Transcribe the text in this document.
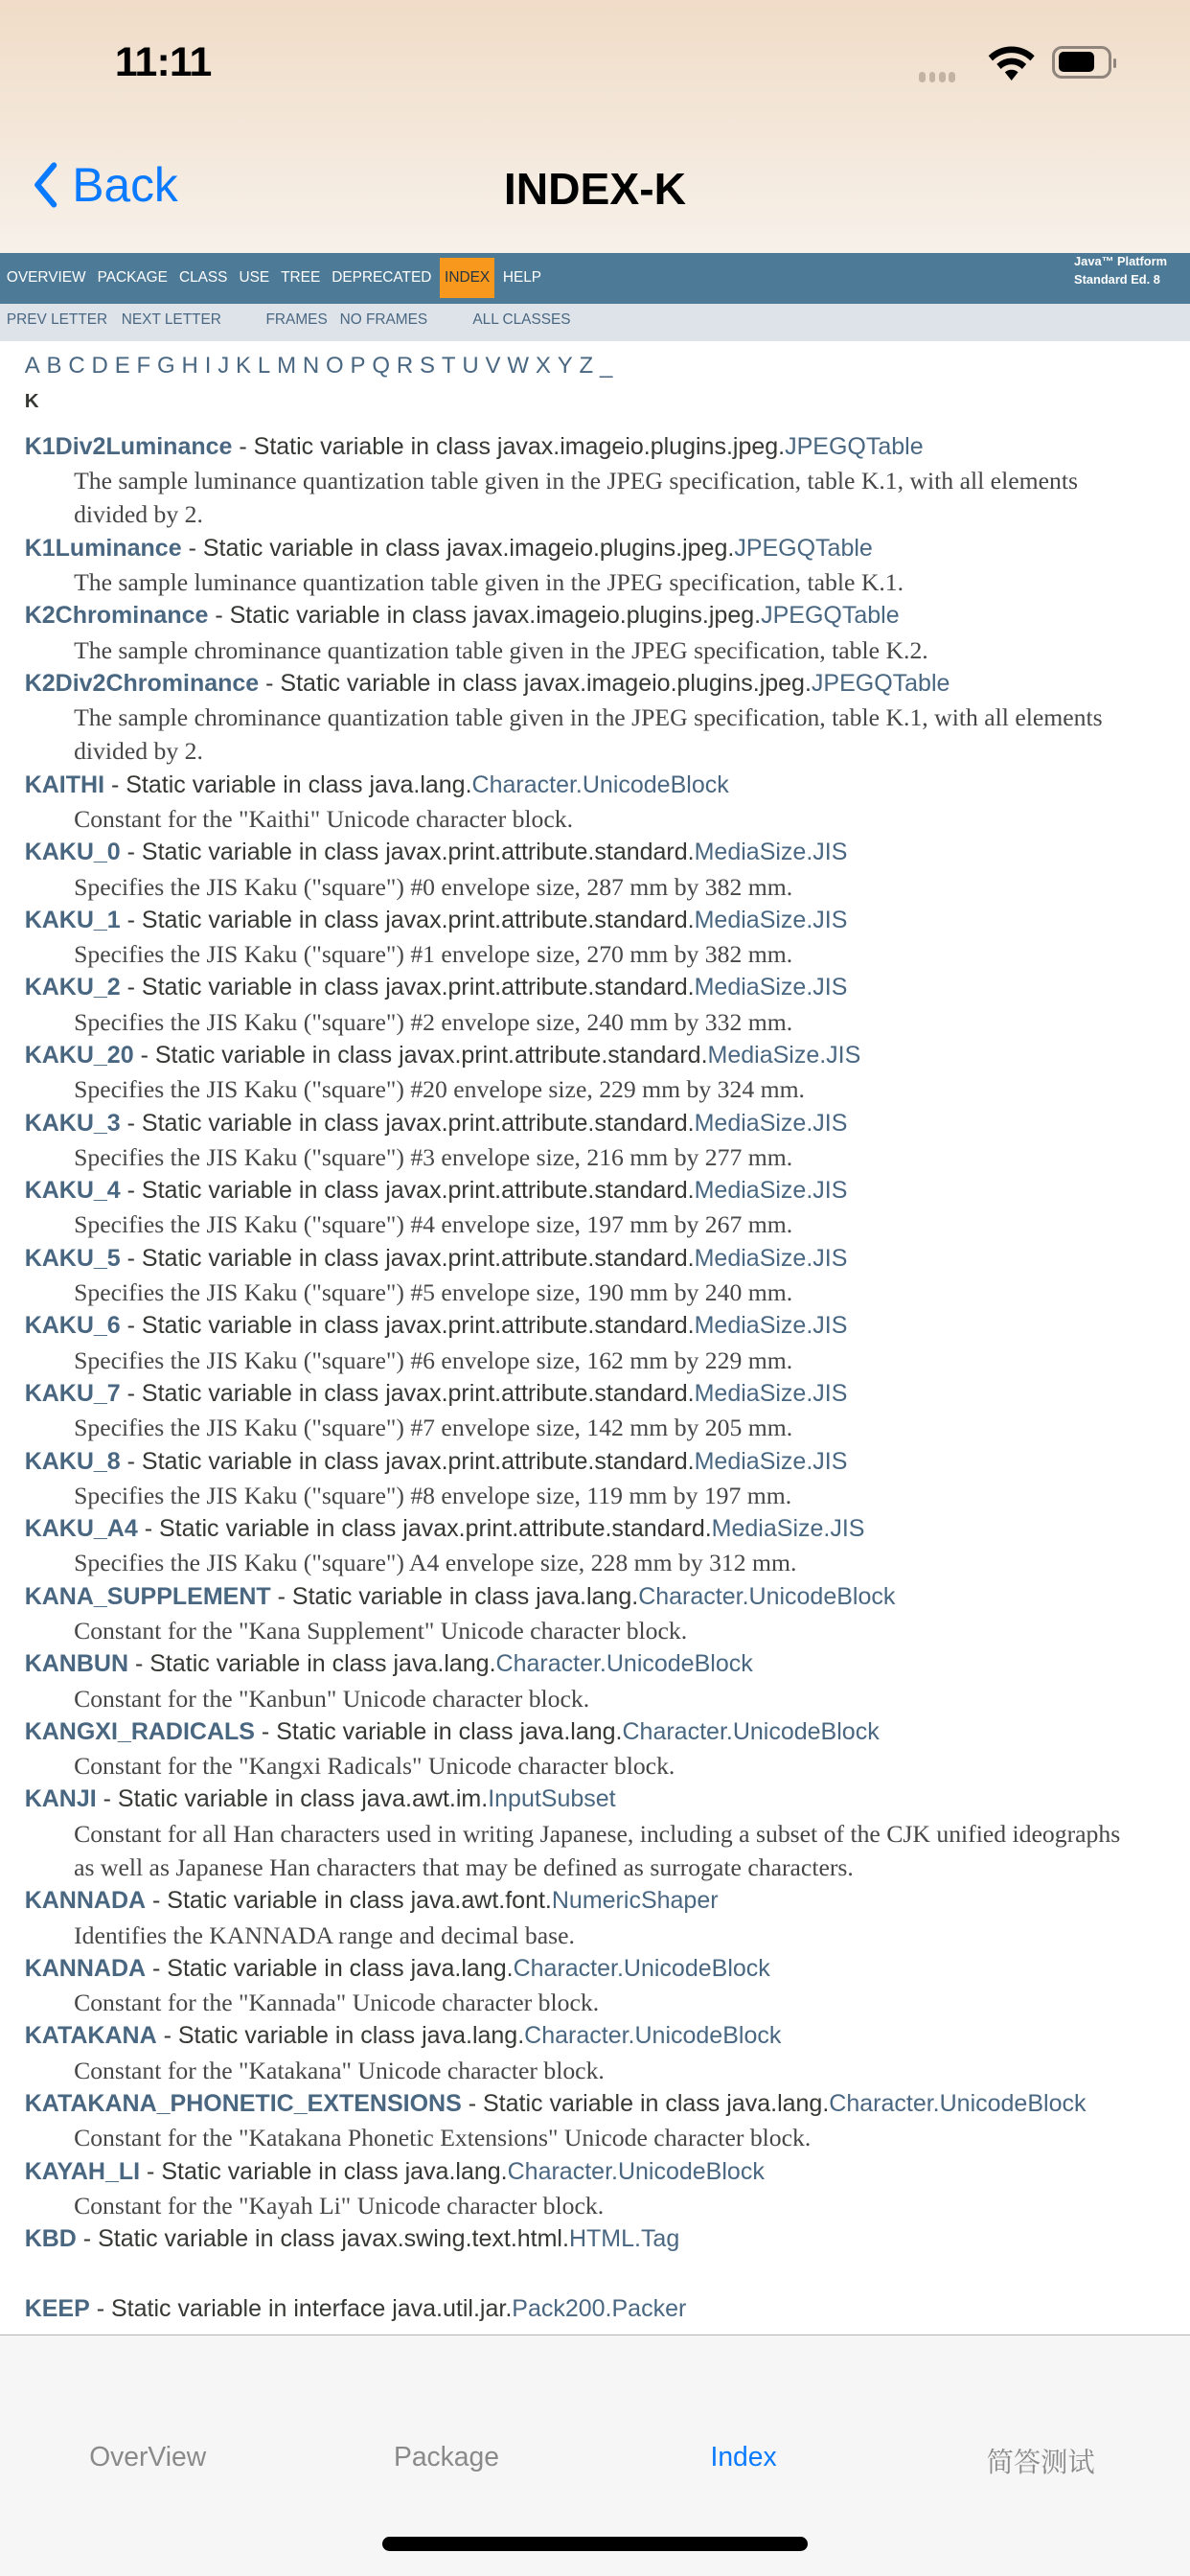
11:11
Back	INDEX-K
OVERVIEW PACKAGE CLASS USE TREE DEPRECATED	INDEX	HELP
Java™ Platform
Standard Ed. 8
PREV LETTER NEXT LETTER	FRAMES NO FRAMES	ALL CLASSES
A B C D E F G H I J K L M N O P Q R S T U V W X Y Z _
K
K1Div2Luminance - Static variable in class javax.imageio.plugins.jpeg.JPEGQTable
The sample luminance quantization table given in the JPEG specification, table K.1, with all elements divided by 2.
K1Luminance - Static variable in class javax.imageio.plugins.jpeg.JPEGQTable
The sample luminance quantization table given in the JPEG specification, table K.1.
K2Chrominance - Static variable in class javax.imageio.plugins.jpeg.JPEGQTable
The sample chrominance quantization table given in the JPEG specification, table K.2.
K2Div2Chrominance - Static variable in class javax.imageio.plugins.jpeg.JPEGQTable
The sample chrominance quantization table given in the JPEG specification, table K.1, with all elements divided by 2.
KAITHI - Static variable in class java.lang.Character.UnicodeBlock
Constant for the "Kaithi" Unicode character block.
KAKU_0 - Static variable in class javax.print.attribute.standard.MediaSize.JIS
Specifies the JIS Kaku ("square") #0 envelope size, 287 mm by 382 mm.
KAKU_1 - Static variable in class javax.print.attribute.standard.MediaSize.JIS
Specifies the JIS Kaku ("square") #1 envelope size, 270 mm by 382 mm.
KAKU_2 - Static variable in class javax.print.attribute.standard.MediaSize.JIS
Specifies the JIS Kaku ("square") #2 envelope size, 240 mm by 332 mm.
KAKU_20 - Static variable in class javax.print.attribute.standard.MediaSize.JIS
Specifies the JIS Kaku ("square") #20 envelope size, 229 mm by 324 mm.
KAKU_3 - Static variable in class javax.print.attribute.standard.MediaSize.JIS
Specifies the JIS Kaku ("square") #3 envelope size, 216 mm by 277 mm.
KAKU_4 - Static variable in class javax.print.attribute.standard.MediaSize.JIS
Specifies the JIS Kaku ("square") #4 envelope size, 197 mm by 267 mm.
KAKU_5 - Static variable in class javax.print.attribute.standard.MediaSize.JIS
Specifies the JIS Kaku ("square") #5 envelope size, 190 mm by 240 mm.
KAKU_6 - Static variable in class javax.print.attribute.standard.MediaSize.JIS
Specifies the JIS Kaku ("square") #6 envelope size, 162 mm by 229 mm.
KAKU_7 - Static variable in class javax.print.attribute.standard.MediaSize.JIS
Specifies the JIS Kaku ("square") #7 envelope size, 142 mm by 205 mm.
KAKU_8 - Static variable in class javax.print.attribute.standard.MediaSize.JIS
Specifies the JIS Kaku ("square") #8 envelope size, 119 mm by 197 mm.
KAKU_A4 - Static variable in class javax.print.attribute.standard.MediaSize.JIS
Specifies the JIS Kaku ("square") A4 envelope size, 228 mm by 312 mm.
KANA_SUPPLEMENT - Static variable in class java.lang.Character.UnicodeBlock
Constant for the "Kana Supplement" Unicode character block.
KANBUN - Static variable in class java.lang.Character.UnicodeBlock
Constant for the "Kanbun" Unicode character block.
KANGXI_RADICALS - Static variable in class java.lang.Character.UnicodeBlock
Constant for the "Kangxi Radicals" Unicode character block.
KANJI - Static variable in class java.awt.im.InputSubset
Constant for all Han characters used in writing Japanese, including a subset of the CJK unified ideographs as well as Japanese Han characters that may be defined as surrogate characters.
KANNADA - Static variable in class java.awt.font.NumericShaper
Identifies the KANNADA range and decimal base.
KANNADA - Static variable in class java.lang.Character.UnicodeBlock
Constant for the "Kannada" Unicode character block.
KATAKANA - Static variable in class java.lang.Character.UnicodeBlock
Constant for the "Katakana" Unicode character block.
KATAKANA_PHONETIC_EXTENSIONS - Static variable in class java.lang.Character.UnicodeBlock
Constant for the "Katakana Phonetic Extensions" Unicode character block.
KAYAH_LI - Static variable in class java.lang.Character.UnicodeBlock
Constant for the "Kayah Li" Unicode character block.
KBD - Static variable in class javax.swing.text.html.HTML.Tag
KEEP - Static variable in interface java.util.jar.Pack200.Packer
OverView	Package	Index	简答测试
